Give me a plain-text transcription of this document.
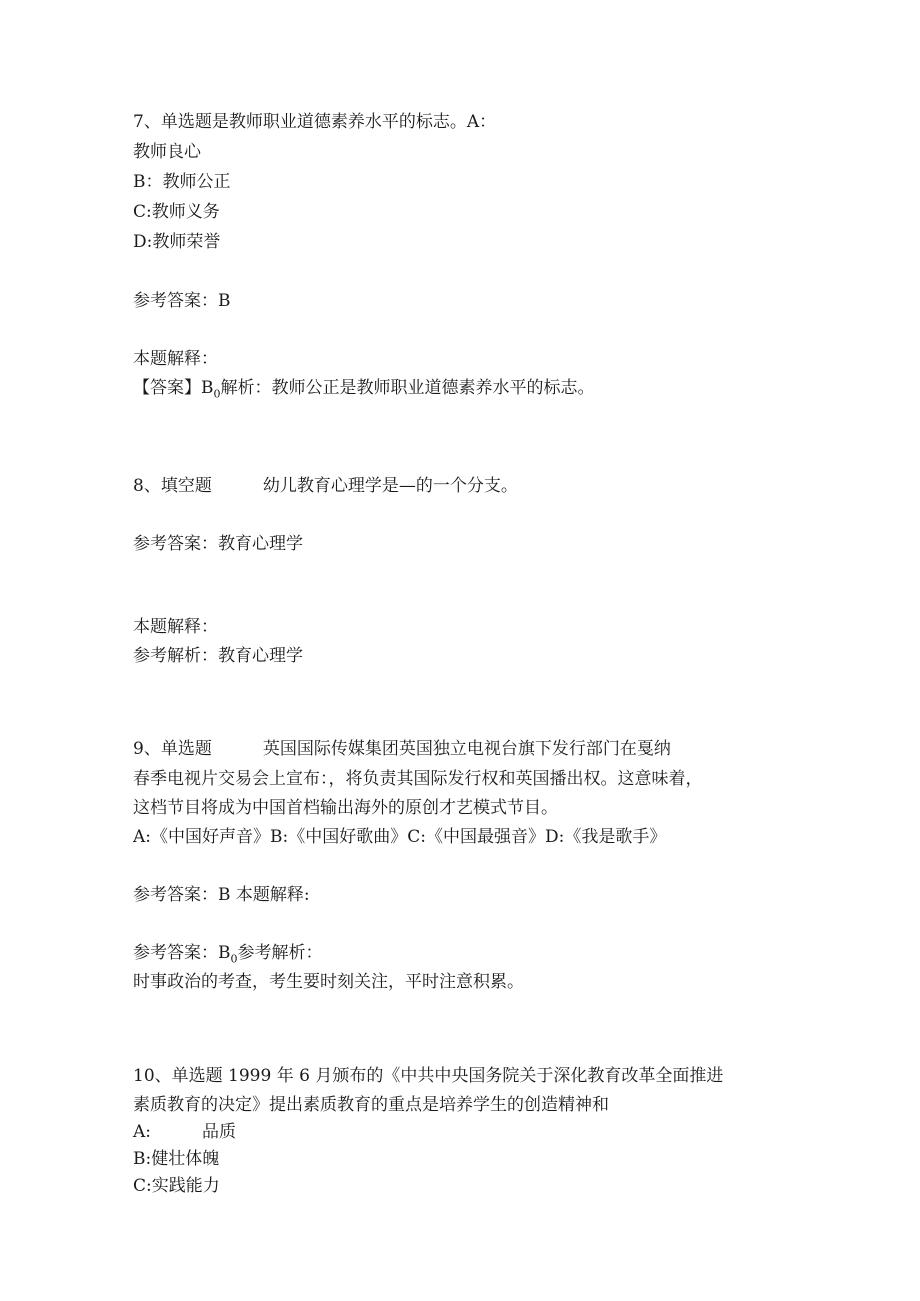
7、单选题是教师职业道德素养水平的标志。A：
教师良心
B：教师公正
C:教师义务
D:教师荣誉
参考答案：B
本题解释：
【答案】$B_0$解析：教师公正是教师职业道德素养水平的标志。
8、填空题　　　幼儿教育心理学是—的一个分支。
参考答案：教育心理学
本题解释：
参考解析：教育心理学
9、单选题　　　英国国际传媒集团英国独立电视台旗下发行部门在戛纳
春季电视片交易会上宣布：，将负责其国际发行权和英国播出权。这意味着，
这档节目将成为中国首档输出海外的原创才艺模式节目。
A:《中国好声音》B:《中国好歌曲》C:《中国最强音》D:《我是歌手》
参考答案：B 本题解释:
参考答案：$B_0$参考解析：
时事政治的考查，考生要时刻关注，平时注意积累。
10、单选题 1999 年 6 月颁布的《中共中央国务院关于深化教育改革全面推进
素质教育的决定》提出素质教育的重点是培养学生的创造精神和
A:　　　品质
B:健壮体魄
C:实践能力
